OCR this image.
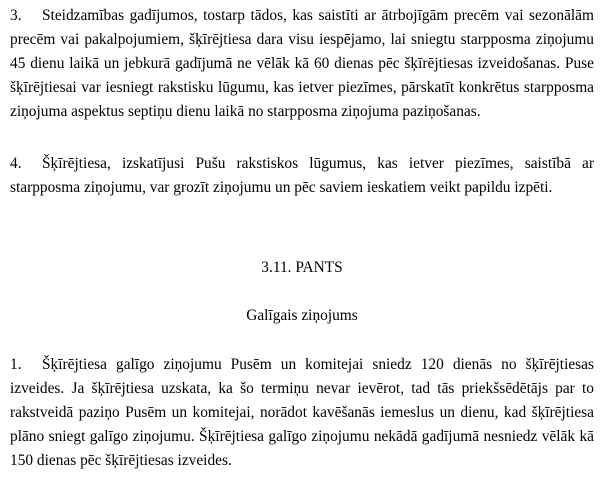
3. Steidzamības gadījumos, tostarp tādos, kas saistīti ar ātrbojīgām precēm vai sezonālām precēm vai pakalpojumiem, šķīrējtiesa dara visu iespējamo, lai sniegtu starpposma ziņojumu 45 dienu laikā un jebkurā gadījumā ne vēlāk kā 60 dienas pēc šķīrējtiesas izveidošanas. Puse šķīrējtiesai var iesniegt rakstisku lūgumu, kas ietver piezīmes, pārskatīt konkrētus starpposma ziņojuma aspektus septiņu dienu laikā no starpposma ziņojuma paziņošanas.

4. Šķīrējtiesa, izskatījusi Pušu rakstiskos lūgumus, kas ietver piezīmes, saistībā ar starpposma ziņojumu, var grozīt ziņojumu un pēc saviem ieskatiem veikt papildu izpēti.

3.11. PANTS

Galīgais ziņojums

1. Šķīrējtiesa galīgo ziņojumu Pusēm un komitejai sniedz 120 dienās no šķīrējtiesas izveides. Ja šķīrējtiesa uzskata, ka šo termiņu nevar ievērot, tad tās priekšsēdētājs par to rakstveidā paziņo Pusēm un komitejai, norādot kavēšanās iemeslus un dienu, kad šķīrējtiesa plāno sniegt galīgo ziņojumu. Šķīrējtiesa galīgo ziņojumu nekādā gadījumā nesniedz vēlāk kā 150 dienas pēc šķīrējtiesas izveides.
